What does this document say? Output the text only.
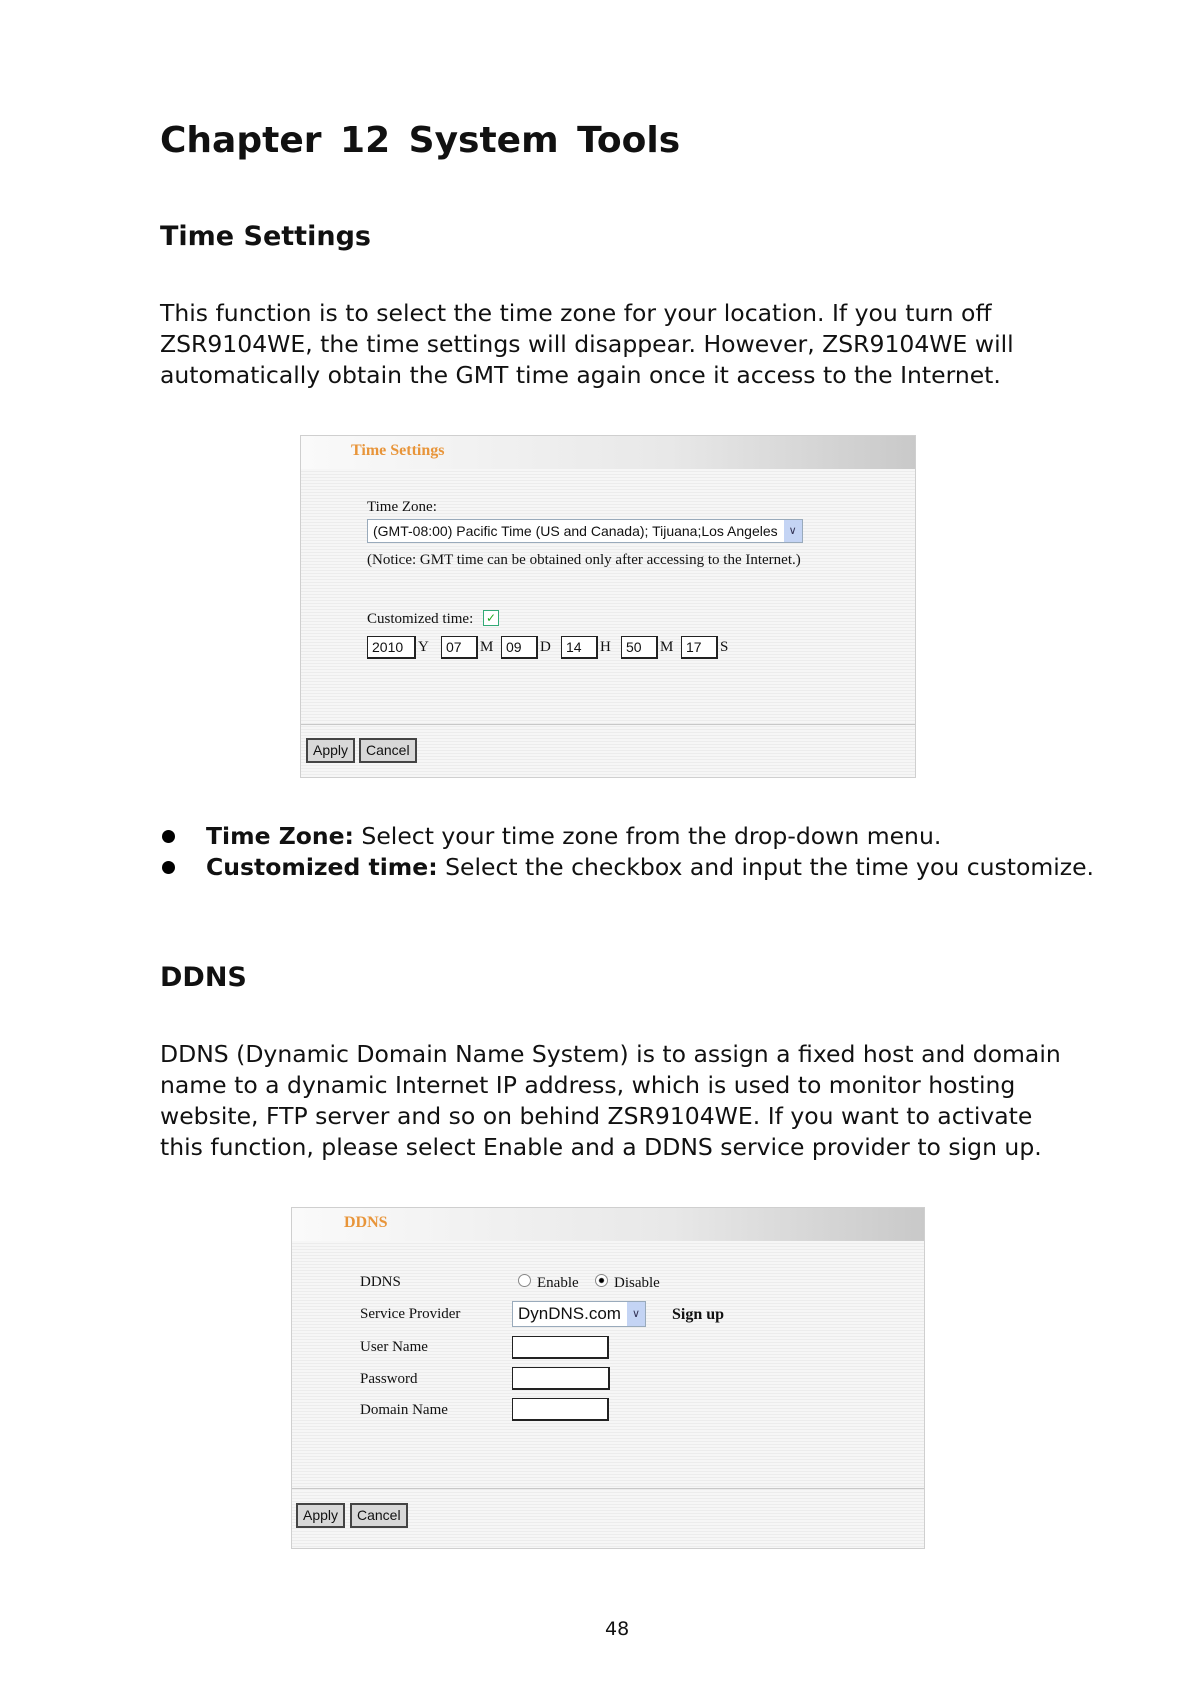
Chapter 12 System Tools
Time Settings

This function is to select the time zone for your location. If you turn off ZSR9104WE, the time settings will disappear. However, ZSR9104WE will automatically obtain the GMT time again once it access to the Internet.

Time Settings
Time Zone:
(GMT-08:00) Pacific Time (US and Canada); Tijuana;Los Angeles ∨
(Notice: GMT time can be obtained only after accessing to the Internet.)
Customized time: ✓
2010 Y	07	M 09	D	14	H	50	M 17	S
Apply	Cancel
Time Zone: Select your time zone from the drop-down menu.
Customized time: Select the checkbox and input the time you customize.
DDNS

DDNS (Dynamic Domain Name System) is to assign a fixed host and domain name to a dynamic Internet IP address, which is used to monitor hosting website, FTP server and so on behind ZSR9104WE. If you want to activate this function, please select Enable and a DDNS service provider to sign up.

DDNS
DDNS	Enable Disable
Service Provider	DynDNS.com ∨	Sign up
User Name
Password
Domain Name
Apply	Cancel
48
